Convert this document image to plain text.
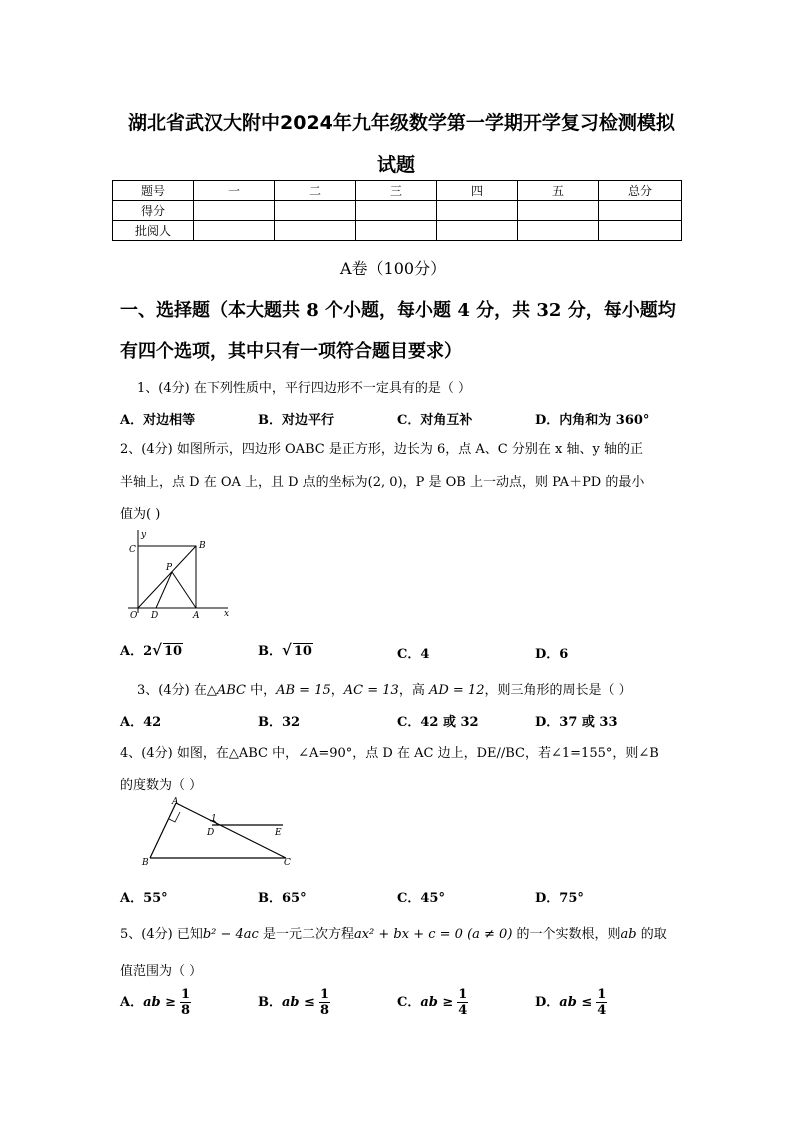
湖北省武汉大附中2024年九年级数学第一学期开学复习检测模拟
试题
题号	一	二	三	四	五	总分
得分						
批阅人						
A卷（100分）
一、选择题（本大题共 8 个小题，每小题 4 分，共 32 分，每小题均
有四个选项，其中只有一项符合题目要求）
1、(4分) 在下列性质中，平行四边形不一定具有的是（ ）
A．对边相等	B．对边平行	C．对角互补	D．内角和为 360°
2、(4分) 如图所示，四边形 OABC 是正方形，边长为 6，点 A、C 分别在 x 轴、y 轴的正
半轴上，点 D 在 OA 上，且 D 点的坐标为(2, 0)，P 是 OB 上一动点，则 PA＋PD 的最小
值为( )
y
x
C	B
P
O D	A
A．2√ 10	B．√ 10	C．4	D．6
3、(4分) 在△ABC 中，AB = 15，AC = 13，高 AD = 12，则三角形的周长是（ ）
A．42	B．32	C．42 或 32	D．37 或 33
4、(4分) 如图，在△ABC 中，∠A=90°，点 D 在 AC 边上，DE//BC，若∠1=155°，则∠B
的度数为（ ）
A
1
D	E
B	C
A．55°	B．65°	C．45°	D．75°
5、(4分) 已知b² − 4ac 是一元二次方程ax² + bx + c = 0 (a ≠ 0) 的一个实数根，则ab 的取
值范围为（ ）
A．ab ≥ $\frac{1}{8}$	B．ab ≤ $\frac{1}{8}$	C．ab ≥ $\frac{1}{4}$	D．ab ≤ $\frac{1}{4}$
